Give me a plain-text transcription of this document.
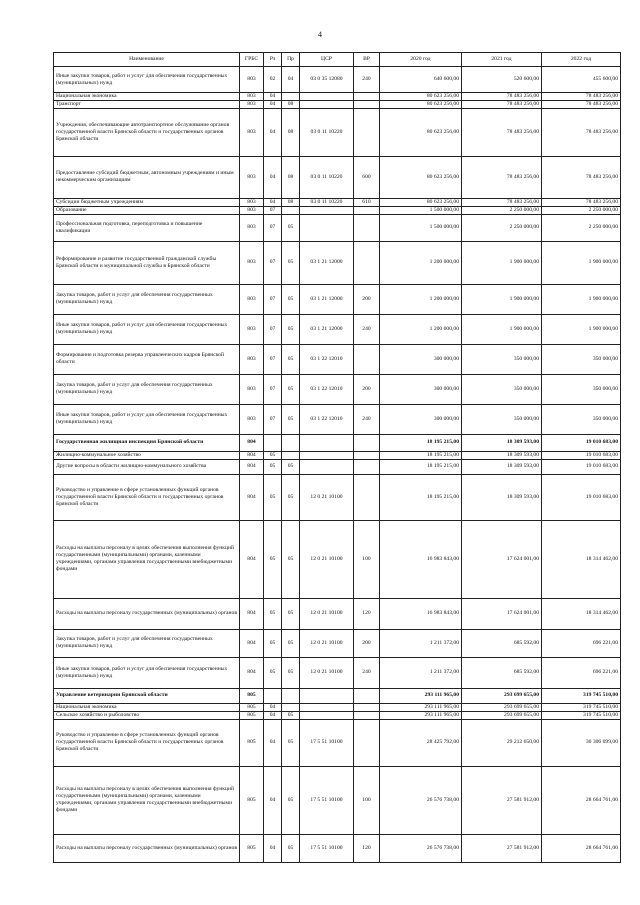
4
Наименование	ГРБС	Рз	Пр	ЦСР	ВР	2020 год	2021 год	2022 год
Иные закупки товаров, работ и услуг для обеспечения государственных (муниципальных) нужд	803	02	04	03 0 35 12080	240	640 600,00	520 600,00	455 600,00
Национальная экономика	803	04				80 623 256,00	78 483 256,00	78 483 256,00
Транспорт	803	04	08			80 623 256,00	78 483 256,00	78 483 256,00
Учреждения, обеспечивающие автотранспортное обслуживание органов государственной власти Брянской области и государственных органов Брянской области	803	04	08	03 0 11 10220		80 623 256,00	78 483 256,00	78 483 256,00
Предоставление субсидий бюджетным, автономным учреждениям и иным некоммерческим организациям	803	04	08	03 0 11 10220	600	80 623 256,00	78 483 256,00	78 483 256,00
Субсидии бюджетным учреждениям	803	04	08	03 0 11 10220	610	80 623 256,00	78 483 256,00	78 483 256,00
Образование	803	07				1 500 000,00	2 250 000,00	2 250 000,00
Профессиональная подготовка, переподготовка и повышение квалификации	803	07	05			1 500 000,00	2 250 000,00	2 250 000,00
Реформирование и развитие государственной гражданской службы Брянской области и муниципальной службы в Брянской области	803	07	05	03 1 21 12000		1 200 000,00	1 900 000,00	1 900 000,00
Закупка товаров, работ и услуг для обеспечения государственных (муниципальных) нужд	803	07	05	03 1 21 12000	200	1 200 000,00	1 900 000,00	1 900 000,00
Иные закупки товаров, работ и услуг для обеспечения государственных (муниципальных) нужд	803	07	05	03 1 21 12000	240	1 200 000,00	1 900 000,00	1 900 000,00
Формирование и подготовка резерва управленческих кадров Брянской области	803	07	05	03 1 22 12010		300 000,00	350 000,00	350 000,00
Закупка товаров, работ и услуг для обеспечения государственных (муниципальных) нужд	803	07	05	03 1 22 12010	200	300 000,00	350 000,00	350 000,00
Иные закупки товаров, работ и услуг для обеспечения государственных (муниципальных) нужд	803	07	05	03 1 22 12010	240	300 000,00	350 000,00	350 000,00
Государственная жилищная инспекция Брянской области	804					18 195 215,00	18 309 593,00	19 010 683,00
Жилищно-коммунальное хозяйство	804	05				18 195 215,00	18 309 593,00	19 010 683,00
Другие вопросы в области жилищно-коммунального хозяйства	804	05	05			18 195 215,00	18 309 593,00	19 010 683,00
Руководство и управление в сфере установленных функций органов государственной власти Брянской области и государственных органов Брянской области	804	05	05	12 0 21 10100		18 195 215,00	18 309 593,00	19 010 683,00
Расходы на выплаты персоналу в целях обеспечения выполнения функций государственными (муниципальными) органами, казенными учреждениями, органами управления государственными внебюджетными фондами	804	05	05	12 0 21 10100	100	16 983 843,00	17 624 001,00	18 314 462,00
Расходы на выплаты персоналу государственных (муниципальных) органов	804	05	05	12 0 21 10100	120	16 983 843,00	17 624 001,00	18 314 462,00
Закупка товаров, работ и услуг для обеспечения государственных (муниципальных) нужд	804	05	05	12 0 21 10100	200	1 211 372,00	685 592,00	696 221,00
Иные закупки товаров, работ и услуг для обеспечения государственных (муниципальных) нужд	804	05	05	12 0 21 10100	240	1 211 372,00	685 592,00	696 221,00
Управление ветеринарии Брянской области	805					293 111 965,00	293 699 655,00	319 745 510,00
Национальная экономика	805	04				293 111 965,00	293 699 655,00	319 745 510,00
Сельское хозяйство и рыболовство	805	04	05			293 111 965,00	293 699 655,00	319 745 510,00
Руководство и управление в сфере установленных функций органов государственной власти Брянской области и государственных органов Брянской области	805	04	05	17 5 51 10100		28 425 792,00	29 212 650,00	30 306 099,00
Расходы на выплаты персоналу в целях обеспечения выполнения функций государственными (муниципальными) органами, казенными учреждениями, органами управления государственными внебюджетными фондами	805	04	05	17 5 51 10100	100	26 576 738,00	27 581 912,00	28 664 761,00
Расходы на выплаты персоналу государственных (муниципальных) органов	805	04	05	17 5 51 10100	120	26 576 738,00	27 581 912,00	28 664 761,00
